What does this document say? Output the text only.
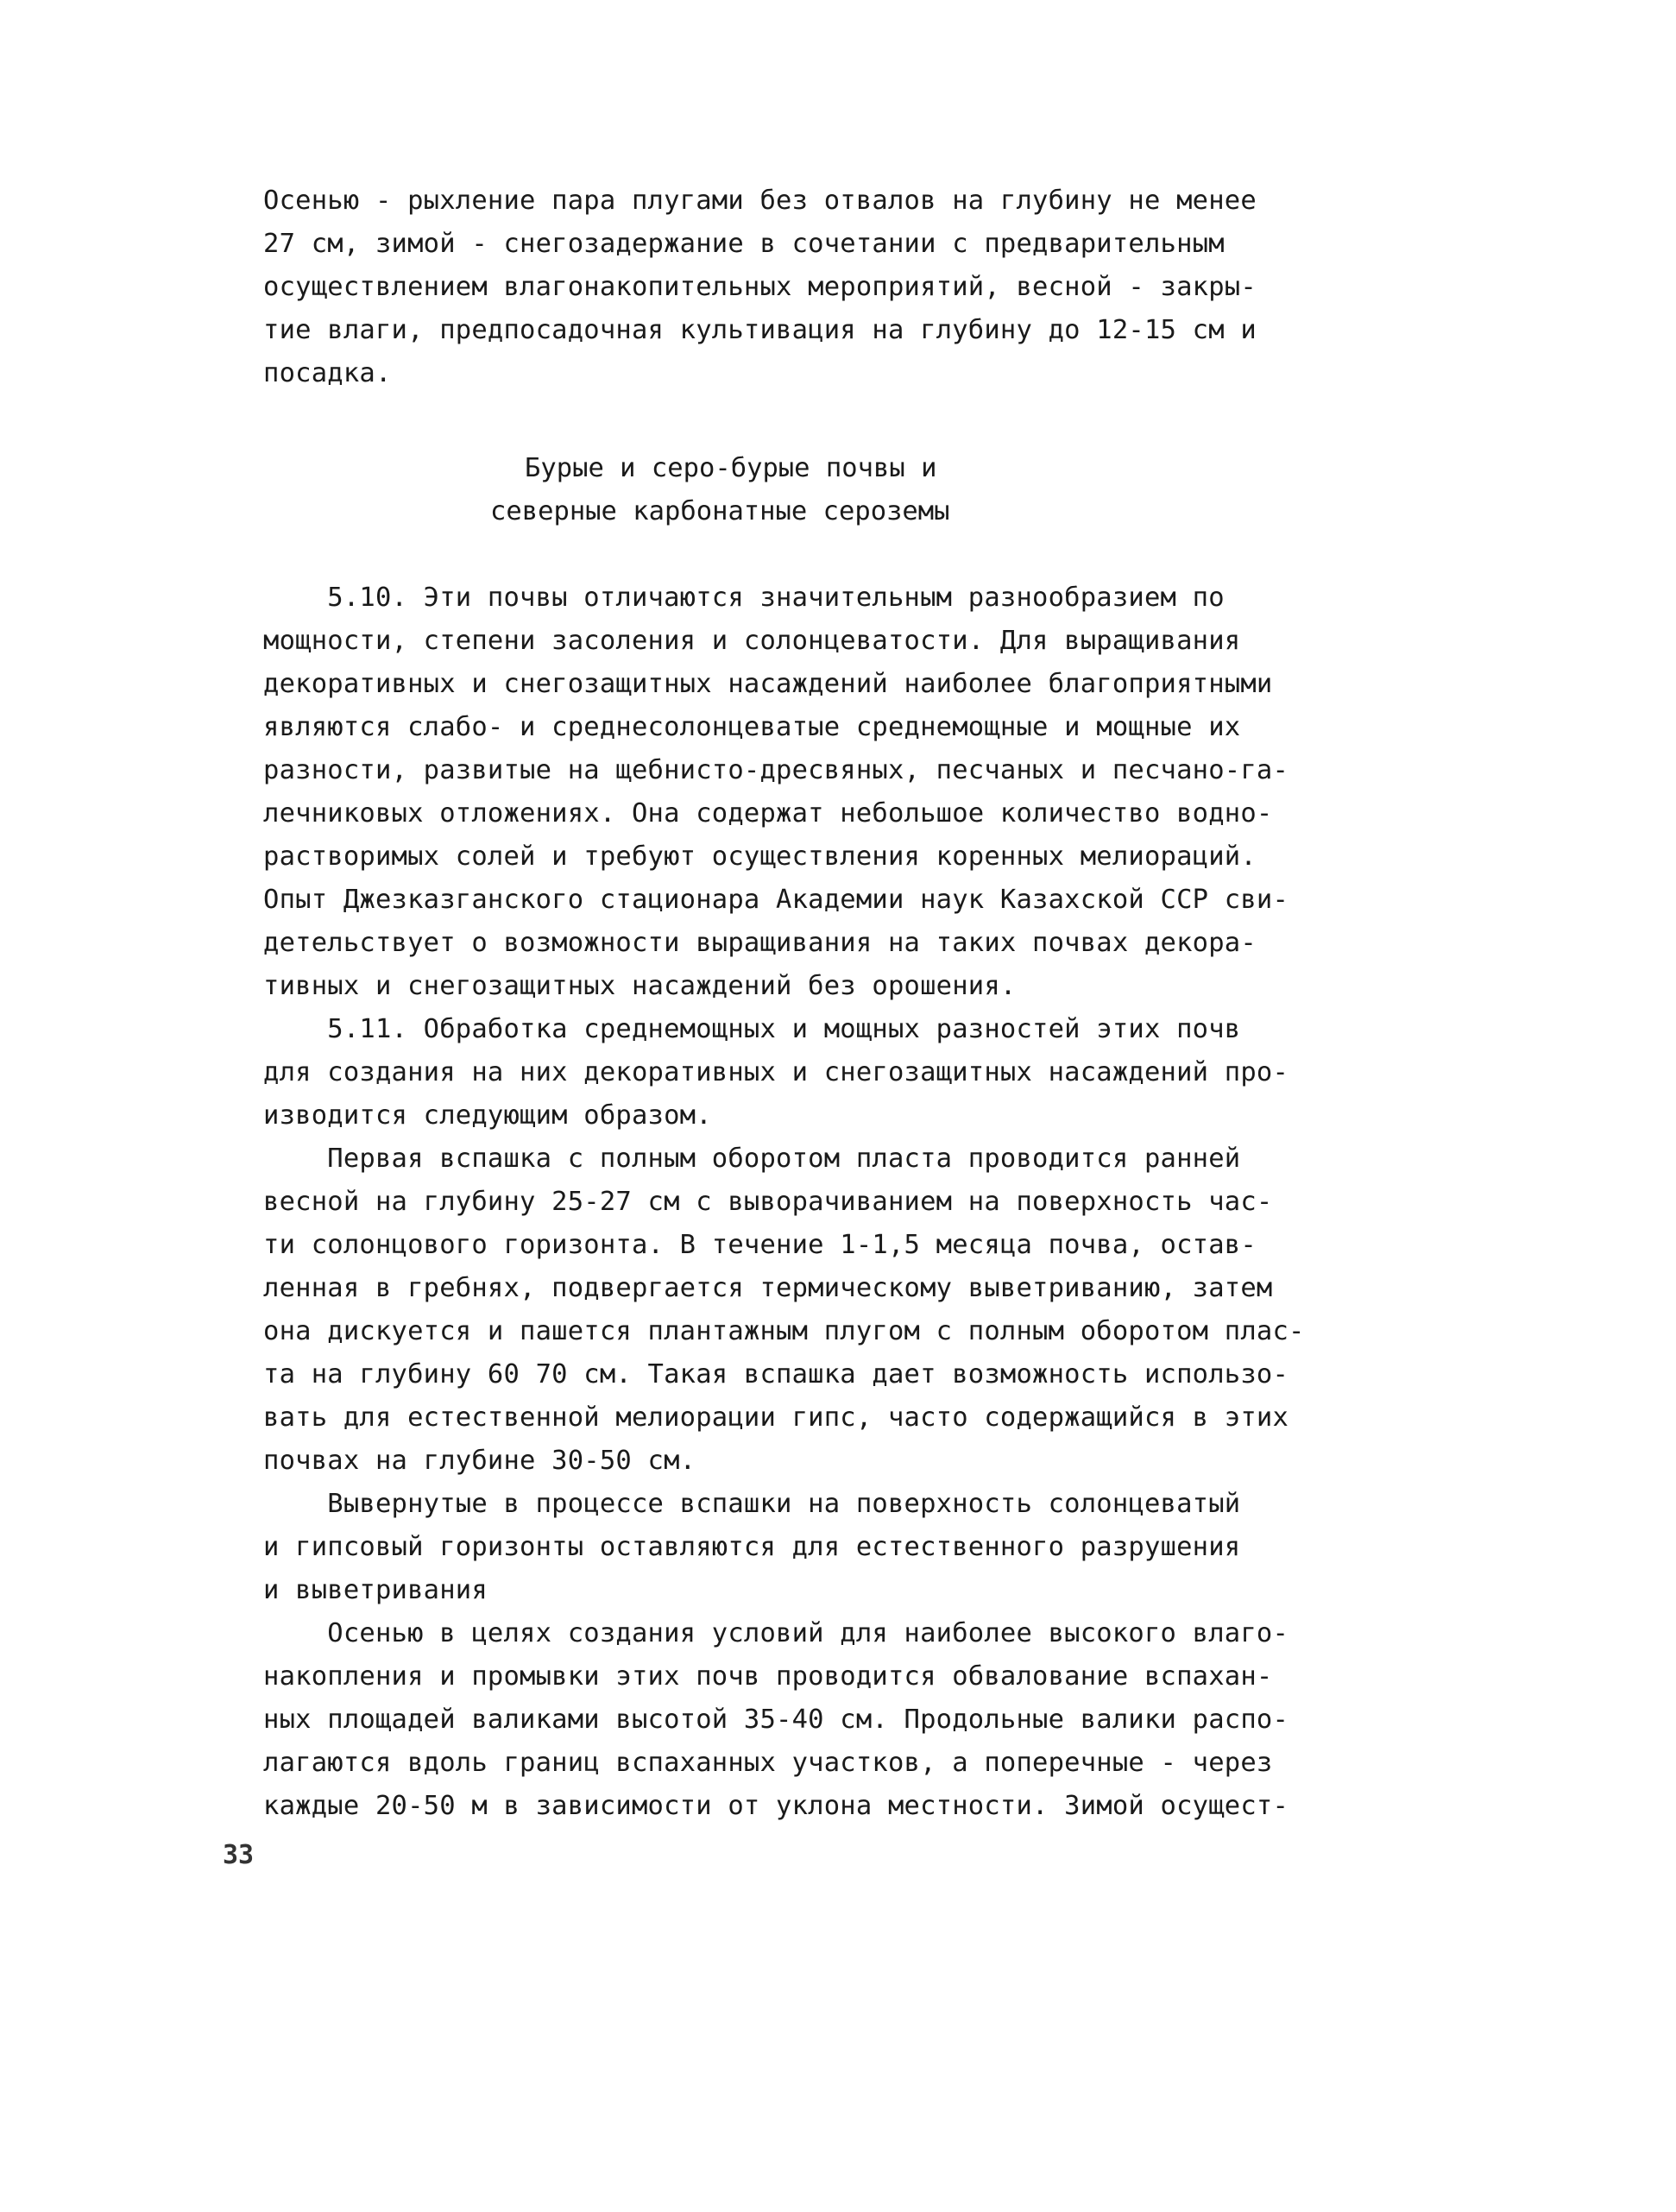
Осенью - рыхление пара плугами без отвалов на глубину не менее
27 см, зимой - снегозадержание в сочетании с предварительным
осуществлением влагонакопительных мероприятий, весной - закры-
тие влаги, предпосадочная культивация на глубину до 12-15 см и
посадка.
Бурые и серо-бурые почвы и
северные карбонатные сероземы
5.10. Эти почвы отличаются значительным разнообразием по
мощности, степени засоления и солонцеватости. Для выращивания
декоративных и снегозащитных насаждений наиболее благоприятными
являются слабо- и среднесолонцеватые среднемощные и мощные их
разности, развитые на щебнисто-дресвяных, песчаных и песчано-га-
лечниковых отложениях. Она содержат небольшое количество водно-
растворимых солей и требуют осуществления коренных мелиораций.
Опыт Джезказганского стационара Академии наук Казахской ССР сви-
детельствует о возможности выращивания на таких почвах декора-
тивных и снегозащитных насаждений без орошения.
5.11. Обработка среднемощных и мощных разностей этих почв
для создания на них декоративных и снегозащитных насаждений про-
изводится следующим образом.
Первая вспашка с полным оборотом пласта проводится ранней
весной на глубину 25-27 см с выворачиванием на поверхность час-
ти солонцового горизонта. В течение 1-1,5 месяца почва, остав-
ленная в гребнях, подвергается термическому выветриванию, затем
она дискуется и пашется плантажным плугом с полным оборотом плас-
та на глубину 60 70 см. Такая вспашка дает возможность использо-
вать для естественной мелиорации гипс, часто содержащийся в этих
почвах на глубине 30-50 см.
Вывернутые в процессе вспашки на поверхность солонцеватый
и гипсовый горизонты оставляются для естественного разрушения
и выветривания
Осенью в целях создания условий для наиболее высокого влаго-
накопления и промывки этих почв проводится обвалование вспахан-
ных площадей валиками высотой 35-40 см. Продольные валики распо-
лагаются вдоль границ вспаханных участков, а поперечные - через
каждые 20-50 м в зависимости от уклона местности. Зимой осущест-
33
